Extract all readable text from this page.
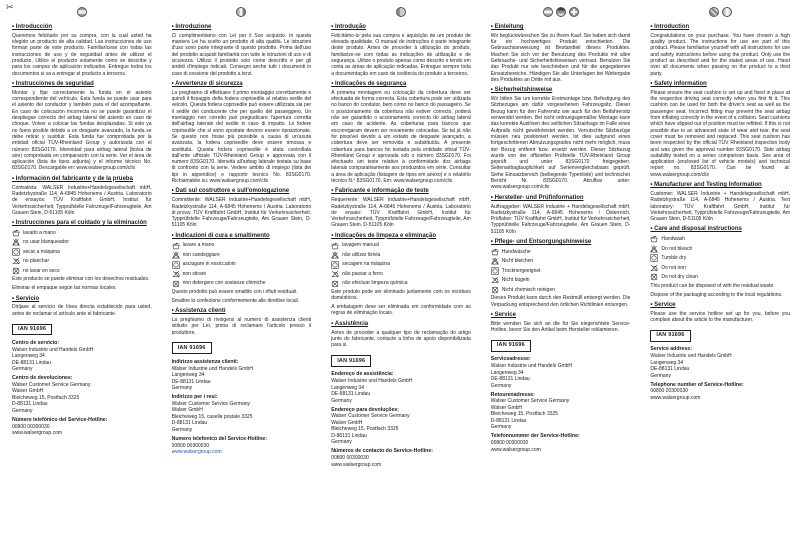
✂
• Introducción

Queremos felicitarle por su compra, con la cual usted ha elegido un producto de alta calidad. Las instrucciones de uso forman parte de este producto. Familiarícese con todas las instrucciones de uso y de seguridad antes de utilizar el producto. Utilice el producto solamente como se describe y para los campos de aplicación indicados. Entregue todos los documentos si va a entregar el producto a terceros.

• Instrucciones de seguridad

Montar y fijar correctamente la funda en el asiento correspondiente del vehículo. Esta funda se puede usar para el asiento del conductor y también para el del acompañante. En caso de colocación incorrecta no se puede garantizar el despliegue correcto del airbag lateral del asiento en caso de choque. Volver a colocar las fundas desplazadas. Si esto ya no fuera posible debido a un desgaste avanzado, la funda se debe retirar y sustituir. Esta funda fue comprobada por la entidad oficial TÜV-Rheinland Group y autorizada con el número 83SG0170. Idoneidad para airbag lateral (bolsa de aire) comprobada en comparación con la serie. Ver el área de aplicación (lista de tipos adjunta) y el informe técnico No. 83SG0170. Descargable en: www.walsergroup.com/clix

• Información del fabricante y de la prueba

Contratista: WALSER Industrie+Handelsgesellschaft mbH, Radetzkystraße 114, A-6845 Hohenems / Austria. Laboratorio de ensayos: TÜV Kraftfahrt GmbH, Institut für Verkehrssicherheit, Typprüfstelle Fahrzeuge/Fahrzeugteile, Am Grauen Stein, D-51105 Köln

• Instrucciones para el cuidado y la eliminación
lavado a mano
no usar blanqueador
secar a máquina
no planchar
no lavar en seco

Este producto se puede eliminar con los desechos residuales.

Eliminar el empaque según las normas locales.

• Servicio

Diríjase al servicio de línea directa establecido para usted, antes de reclamar el artículo ante el fabricante.

IAN 91696
Centro de servicio:
Walser Industrie und Handels GmbH
Langenweg 34
DE-88131 Lindau
Germany
Centro de devoluciones:
Walser Customer Service Germany
Walser GmbH
Bleicheweg 15, Postfach 3325
D-88131 Lindau
Germany
Número telefónico del Service-Hotline:
00800 00300030
www.walsergroup.com
• Introduzione

Ci complimentiamo con Lei per il Suo acquisto. In questa maniera Lei ha scelto un prodotto di alta qualità. Le istruzioni d'uso sono parte integrante di questo prodotto. Prima dell'uso del prodotto acquisti familiarità con tutte le istruzioni di uso e di sicurezza. Utilizzi il prodotto solo come descritto e per gli ambiti d'impiego indicati. Consegni anche tutti i documenti in caso di cessione del prodotto a terzi.

• Avvertenze di sicurezza

La preghiamo di effettuare il primo montaggio correttamente e quindi il fissaggio della fodera coprisedile al relativo sedile del veicolo. Questa fodera coprisedile può essere utilizzata sia per il sedile del conducente che per quello del passeggero. Un montaggio non corretto può pregiudicare l'apertura corretta dell'airbag laterale del sedile in caso di impatto. Le fodere coprisedile che si sono spostate devono essere riposizionate. Se questo non fosse più possibile a causa di un'usura avanzata, la fodera coprisedile deve essere rimossa e sostituita. Questa fodera coprisedile è stata controllata dall'ente ufficiale TÜV-Rheinland Group e approvata con il numero 83SG0170. Idoneità all'airbag laterale testata su base di confronto con la serie. Vedere ambito di impiego (lista dei tipi in appendice) e rapporto tecnico No. 83SG0170. Richiamabile su: www.walsergroup.com/clix

• Dati sul costruttore e sull'omologazione

Committente: WALSER Industrie+Handelsgesellschaft mbH, Radetzkystraße 114, A-6845 Hohenems / Austria. Laboratorio di prova: TÜV Kraftfahrt GmbH, Institut für Verkehrssicherheit, Typprüfstelle Fahrzeuge/Fahrzeugteile, Am Grauen Stein, D-51105 Köln

• Indicazioni di cura e smaltimento
lavare a mano
non candeggiare
asciugare in essiccatoio
non stirare
non detergere con sostanze chimiche

Questo prodotto può essere smaltito con i rifiuti residuali.

Smaltire la confezione conformemente alle direttive locali.

• Assistenza clienti

La preghiamo di rivolgersi al numero di assistenza clienti istituito per Lei, prima di reclamare l'articolo presso il produttore.

IAN 91696
Indirizzo assistenza clienti:
Walser Industrie und Handels GmbH
Langenweg 34
DE-88131 Lindau
Germany
Indirizzo per i resi:
Walser Customer Service Germany
Walser GmbH
Bleicheweg 15, casella postale 3325
D-88131 Lindau
Germany
Numero telefonico del Service-Hotline:
00800 00300030
www.walsergroup.com
• Introdução

Felicitámo-lo pela sua compra e aquisição de um produto de elevada qualidade. O manual de instruções é parte integrante deste produto. Antes de proceder à utilização do produto, familiarize-se com todas as indicações de utilização e de segurança. Utilize o produto apenas como descrito e tendo em conta as áreas de aplicação indicadas. Entregue sempre toda a documentação em caso de cedência do produto a terceiros.

• Indicações de segurança

A primeira montagem ou colocação da cobertura deve ser efectuada de forma correcta. Esta cobertura pode ser utilizada no banco do condutor, bem como no banco do passageiro. Se o posicionamento da cobertura não estiver correcto, poderá não ser garantido o accionamento correcto do airbag lateral em caso de acidente. As coberturas para bancos que escorregaram devem ser novamente colocadas. Se tal já não for possível devido a um estado de desgaste avançado, a cobertura deve ser removida e substituída. A presente cobertura para bancos foi testada pela entidade oficial TÜV-Rheinland Group e aprovada sob o número 83SG0170. Foi efectuado um teste relativo à conformidade dos airbags laterais comparativamente aos produzidos em série. Consultar a área de aplicação (listagem de tipos em anexo) e o relatório técnico N.º 83SG0170. Em: www.walsergroup.com/clix

• Fabricante e informação de teste

Requerente: WALSER Industrie+Handelsgesellschaft mbH, Radetzkystraße 114, A-6845 Hohenems / Áustria. Laboratório de ensaio: TÜV Kraftfahrt GmbH, Institut für Verkehrssicherheit, Typprüfstelle Fahrzeuge/Fahrzeugteile, Am Grauen Stein, D-51105 Köln

• Indicações de limpeza e eliminação
lavagem manual
não utilizar lixívia
secagem na máquina
não passar a ferro
não efectuar limpeza química

Este produto pode ser eliminado juntamente com os resíduos domésticos.

A embalagem deve ser eliminada em conformidade com as regras de eliminação locais.

• Assistência

Antes de proceder a qualquer tipo de reclamação do artigo junto do fabricante, contacte a linha de apoio disponibilizada para si.

IAN 91696
Endereço de assistência:
Walser Industrie und Handels GmbH
Langenweg 34
DE-88131 Lindau
Germany
Endereço para devoluções:
Walser Customer Service Germany
Walser GmbH
Bleicheweg 15, Postfach 3325
D-88131 Lindau
Germany
Números de contacto do Service-Hotline:
00800 00300030
www.walsergroup.com
• Einleitung

Wir beglückwünschen Sie zu Ihrem Kauf. Sie haben sich damit für ein hochwertiges Produkt entschieden. Die Gebrauchsanweisung ist Bestandteil dieses Produktes. Machen Sie sich vor der Benutzung des Produkts mit allen Gebrauchs- und Sicherheitshinweisen vertraut. Benutzen Sie das Produkt nur wie beschrieben und für die angegebenen Einsatzbereiche. Händigen Sie alle Unterlagen bei Weitergabe des Produktes an Dritte mit aus.

• Sicherheitshinweise

Wir bitten Sie um korrekte Erstmontage bzw. Befestigung des Sitzbezuges am dafür vorgesehenen Fahrzeugsitz. Dieser Bezug kann für den Fahrersitz wie auch für den Beifahrersitz verwendet werden. Bei nicht ordnungsgemäßer Montage kann das korrekte Auslösen des seitlichen Sitzairbags im Falle eines Aufpralls nicht gewährleistet werden. Verrutschte Sitzbezüge müssen neu positioniert werden. Ist dies aufgrund eines fortgeschrittenen Abnutzungsgrades nicht mehr möglich, muss der Bezug entfernt bzw. ersetzt werden. Dieser Sitzbezug wurde von der offiziellen Prüfstelle TÜV-Rheinland Group geprüft und unter 83SG0170 freigegeben. Seitenairbagtauglichkeit auf Serienvergleichsbasis geprüft. Siehe Einsatzbereich (beiliegende Typenliste) und technischer Bericht Nr. 83SG0170. Abrufbar unter: www.walsergroup.com/clix

• Hersteller- und Prüfinformation

Auftraggeber: WALSER Industrie + Handelsgesellschaft mbH, Radetzkystraße 114, A-6845 Hohenems / Österreich. Prüflabor: TÜV Kraftfahrt GmbH, Institut für Verkehrssicherheit, Typprüfstelle Fahrzeuge/Fahrzeugteile, Am Grauen Stein, D-51105 Köln

• Pflege- und Entsorgungshinweise
Handwäsche
Nicht bleichen
Trocknergeeignet
Nicht bügeln
Nicht chemisch reinigen

Dieses Produkt kann durch den Restmüll entsorgt werden. Die Verpackung entsprechend den örtlichen Richtlinien entsorgen.

• Service

Bitte wenden Sie sich an die für Sie eingerichtete Service-Hotline, bevor Sie den Artikel beim Hersteller reklamieren.

IAN 91696
Serviceadresse:
Walser Industrie und Handels GmbH
Langenweg 34
DE-88131 Lindau
Germany
Retourenadresse:
Walser Customer Service Germany
Walser GmbH
Bleicheweg 15, Postfach 3325
D-88131 Lindau
Germany
Telefonnummer der Service-Hotline:
00800 00300030
www.walsergroup.com
• Introduction

Congratulations on your purchase. You have chosen a high quality product. The instructions for use are part of this product. Please familiarise yourself with all instructions for use and safety instructions before using the product. Only use the product as described and for the stated areas of use. Hand over all documents when passing on the product to a third party.

• Safety information

Please ensure the seat cushion is set up and fixed in place at the respective driving seat correctly when you first fit it. This cushion can be used for both the driver's seat as well as the passenger seat. Incorrect fitting may prevent the seat airbag from inflating correctly in the event of a collision. Seat cushions which have slipped out of position must be refitted. If this is not possible due to an advanced state of wear and tear, the seat cover must be removed and replaced. This seat cushion has been inspected by the official TÜV Rheinland inspection body and was given the approval number 83SG0170. Side airbag suitability tested on a series comparison basis. See area of application (enclosed list of vehicle models) and technical report no. 83SG0170. Can be found at: www.walsergroup.com/clix

• Manufacturer and Testing Information

Customer: WALSER Industrie + Handelsgesellschaft mbH, Radetzkystraße 114, A-6845 Hohenems / Austria. Test laboratory: TÜV Kraftfahrt GmbH, Institut für Verkehrssicherheit, Typprüfstelle Fahrzeuge/Fahrzeugteile, Am Grauen Stein, D-51105 Köln

• Care and disposal instructions
Handwash
Do not bleach
Tumble dry
Do not iron
Do not dry clean

This product can be disposed of with the residual waste.

Dispose of the packaging according to the local regulations.

• Service

Please use the service hotline set up for you, before you complain about the article to the manufacturer.

IAN 91696
Service address:
Walser Industrie und Handels GmbH
Langenweg 34
DE-88131 Lindau
Germany
Telephone number of Service-Hotline:
00800 00300030
www.walsergroup.com
